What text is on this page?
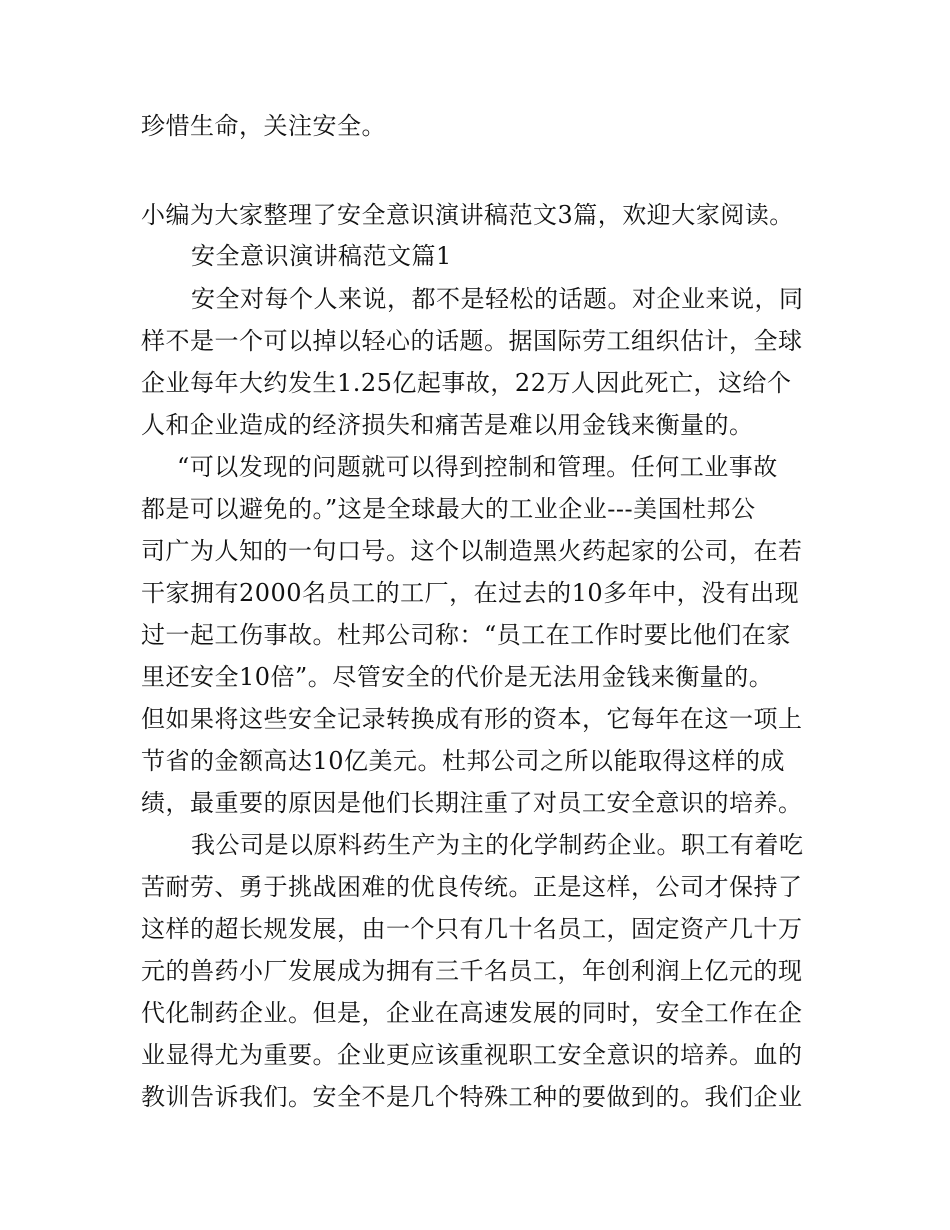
珍惜生命，关注安全。
小编为大家整理了安全意识演讲稿范文3篇，欢迎大家阅读。
安全意识演讲稿范文篇1
安全对每个人来说，都不是轻松的话题。对企业来说，同
样不是一个可以掉以轻心的话题。据国际劳工组织估计，全球
企业每年大约发生1.25亿起事故，22万人因此死亡，这给个
人和企业造成的经济损失和痛苦是难以用金钱来衡量的。
“可以发现的问题就可以得到控制和管理。任何工业事故
都是可以避免的。”这是全球最大的工业企业---美国杜邦公
司广为人知的一句口号。这个以制造黑火药起家的公司，在若
干家拥有2000名员工的工厂，在过去的10多年中，没有出现
过一起工伤事故。杜邦公司称：“员工在工作时要比他们在家
里还安全10倍”。尽管安全的代价是无法用金钱来衡量的。
但如果将这些安全记录转换成有形的资本，它每年在这一项上
节省的金额高达10亿美元。杜邦公司之所以能取得这样的成
绩，最重要的原因是他们长期注重了对员工安全意识的培养。
我公司是以原料药生产为主的化学制药企业。职工有着吃
苦耐劳、勇于挑战困难的优良传统。正是这样，公司才保持了
这样的超长规发展，由一个只有几十名员工，固定资产几十万
元的兽药小厂发展成为拥有三千名员工，年创利润上亿元的现
代化制药企业。但是，企业在高速发展的同时，安全工作在企
业显得尤为重要。企业更应该重视职工安全意识的培养。血的
教训告诉我们。安全不是几个特殊工种的要做到的。我们企业
